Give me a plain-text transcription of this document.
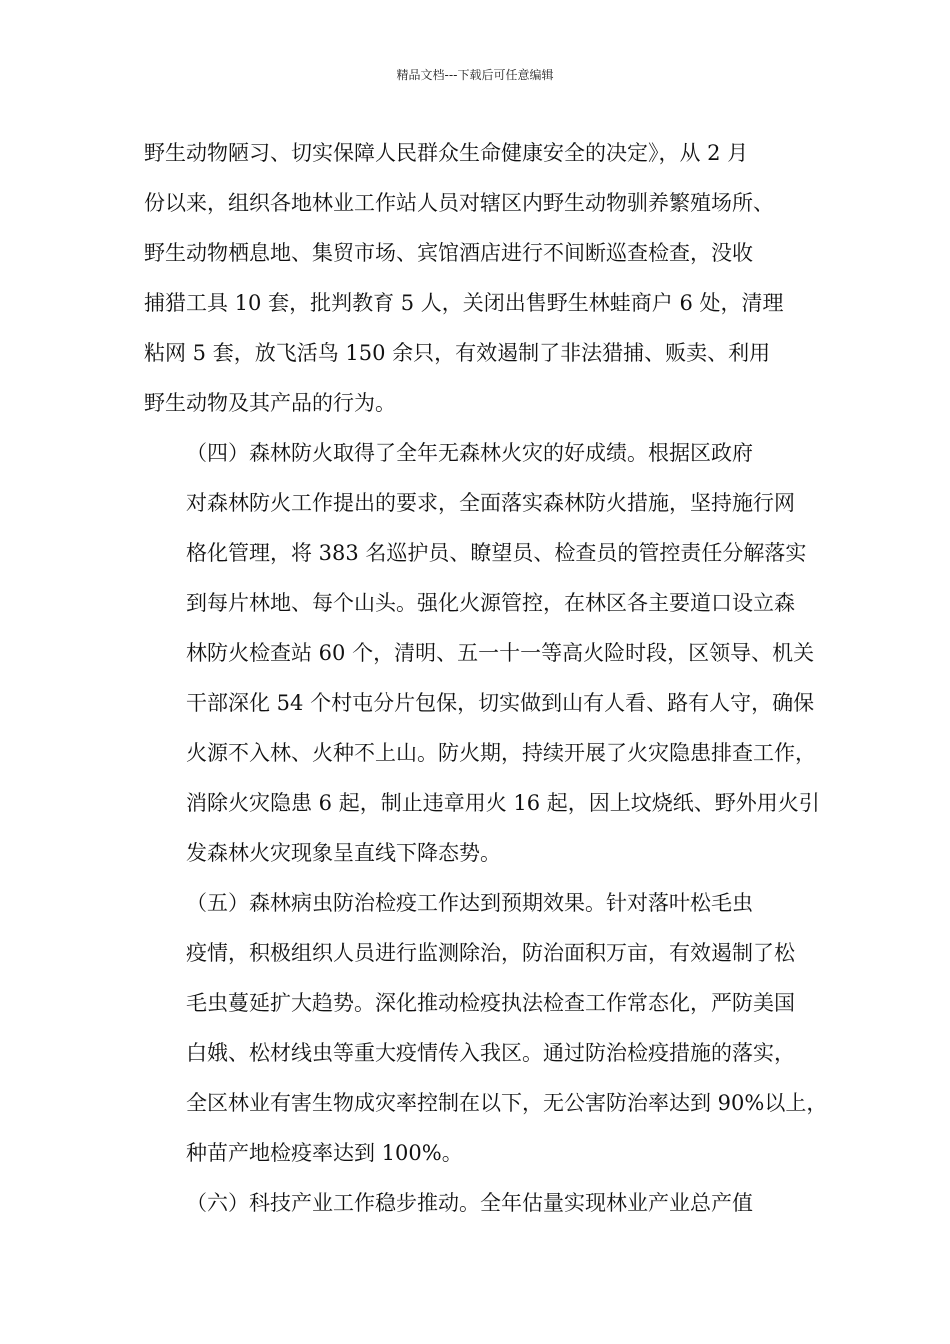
精品文档---下载后可任意编辑

野生动物陋习、切实保障人民群众生命健康安全的决定》，从 2 月
份以来，组织各地林业工作站人员对辖区内野生动物驯养繁殖场所、
野生动物栖息地、集贸市场、宾馆酒店进行不间断巡查检查，没收
捕猎工具 10 套，批判教育 5 人，关闭出售野生林蛙商户 6 处，清理
粘网 5 套，放飞活鸟 150 余只，有效遏制了非法猎捕、贩卖、利用
野生动物及其产品的行为。

（四）森林防火取得了全年无森林火灾的好成绩。根据区政府
对森林防火工作提出的要求，全面落实森林防火措施，坚持施行网
格化管理，将 383 名巡护员、瞭望员、检查员的管控责任分解落实
到每片林地、每个山头。强化火源管控，在林区各主要道口设立森
林防火检查站 60 个，清明、五一十一等高火险时段，区领导、机关
干部深化 54 个村屯分片包保，切实做到山有人看、路有人守，确保
火源不入林、火种不上山。防火期，持续开展了火灾隐患排查工作，
消除火灾隐患 6 起，制止违章用火 16 起，因上坟烧纸、野外用火引
发森林火灾现象呈直线下降态势。

（五）森林病虫防治检疫工作达到预期效果。针对落叶松毛虫
疫情，积极组织人员进行监测除治，防治面积万亩，有效遏制了松
毛虫蔓延扩大趋势。深化推动检疫执法检查工作常态化，严防美国
白娥、松材线虫等重大疫情传入我区。通过防治检疫措施的落实，
全区林业有害生物成灾率控制在以下，无公害防治率达到 90%以上，
种苗产地检疫率达到 100%。

（六）科技产业工作稳步推动。全年估量实现林业产业总产值
